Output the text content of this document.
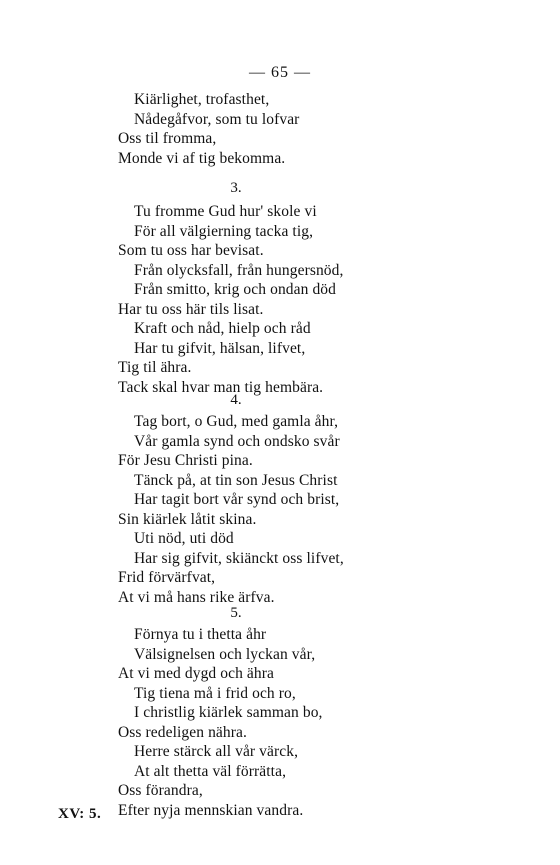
— 65 —
Kiärlighet, trofasthet,
Nådegåfvor, som tu lofvar
Oss til fromma,
Monde vi af tig bekomma.
3.
Tu fromme Gud hur' skole vi
För all välgierning tacka tig,
Som tu oss har bevisat.
Från olycksfall, från hungersnöd,
Från smitto, krig och ondan död
Har tu oss här tils lisat.
Kraft och nåd, hielp och råd
Har tu gifvit, hälsan, lifvet,
Tig til ähra.
Tack skal hvar man tig hembära.
4.
Tag bort, o Gud, med gamla åhr,
Vår gamla synd och ondsko svår
För Jesu Christi pina.
Tänck på, at tin son Jesus Christ
Har tagit bort vår synd och brist,
Sin kiärlek låtit skina.
Uti nöd, uti död
Har sig gifvit, skiänckt oss lifvet,
Frid förvärfvat,
At vi må hans rike ärfva.
5.
Förnya tu i thetta åhr
Välsignelsen och lyckan vår,
At vi med dygd och ähra
Tig tiena må i frid och ro,
I christlig kiärlek samman bo,
Oss redeligen nähra.
Herre stärck all vår värck,
At alt thetta väl förrätta,
Oss förandra,
Efter nyja mennskian vandra.
XV: 5.
